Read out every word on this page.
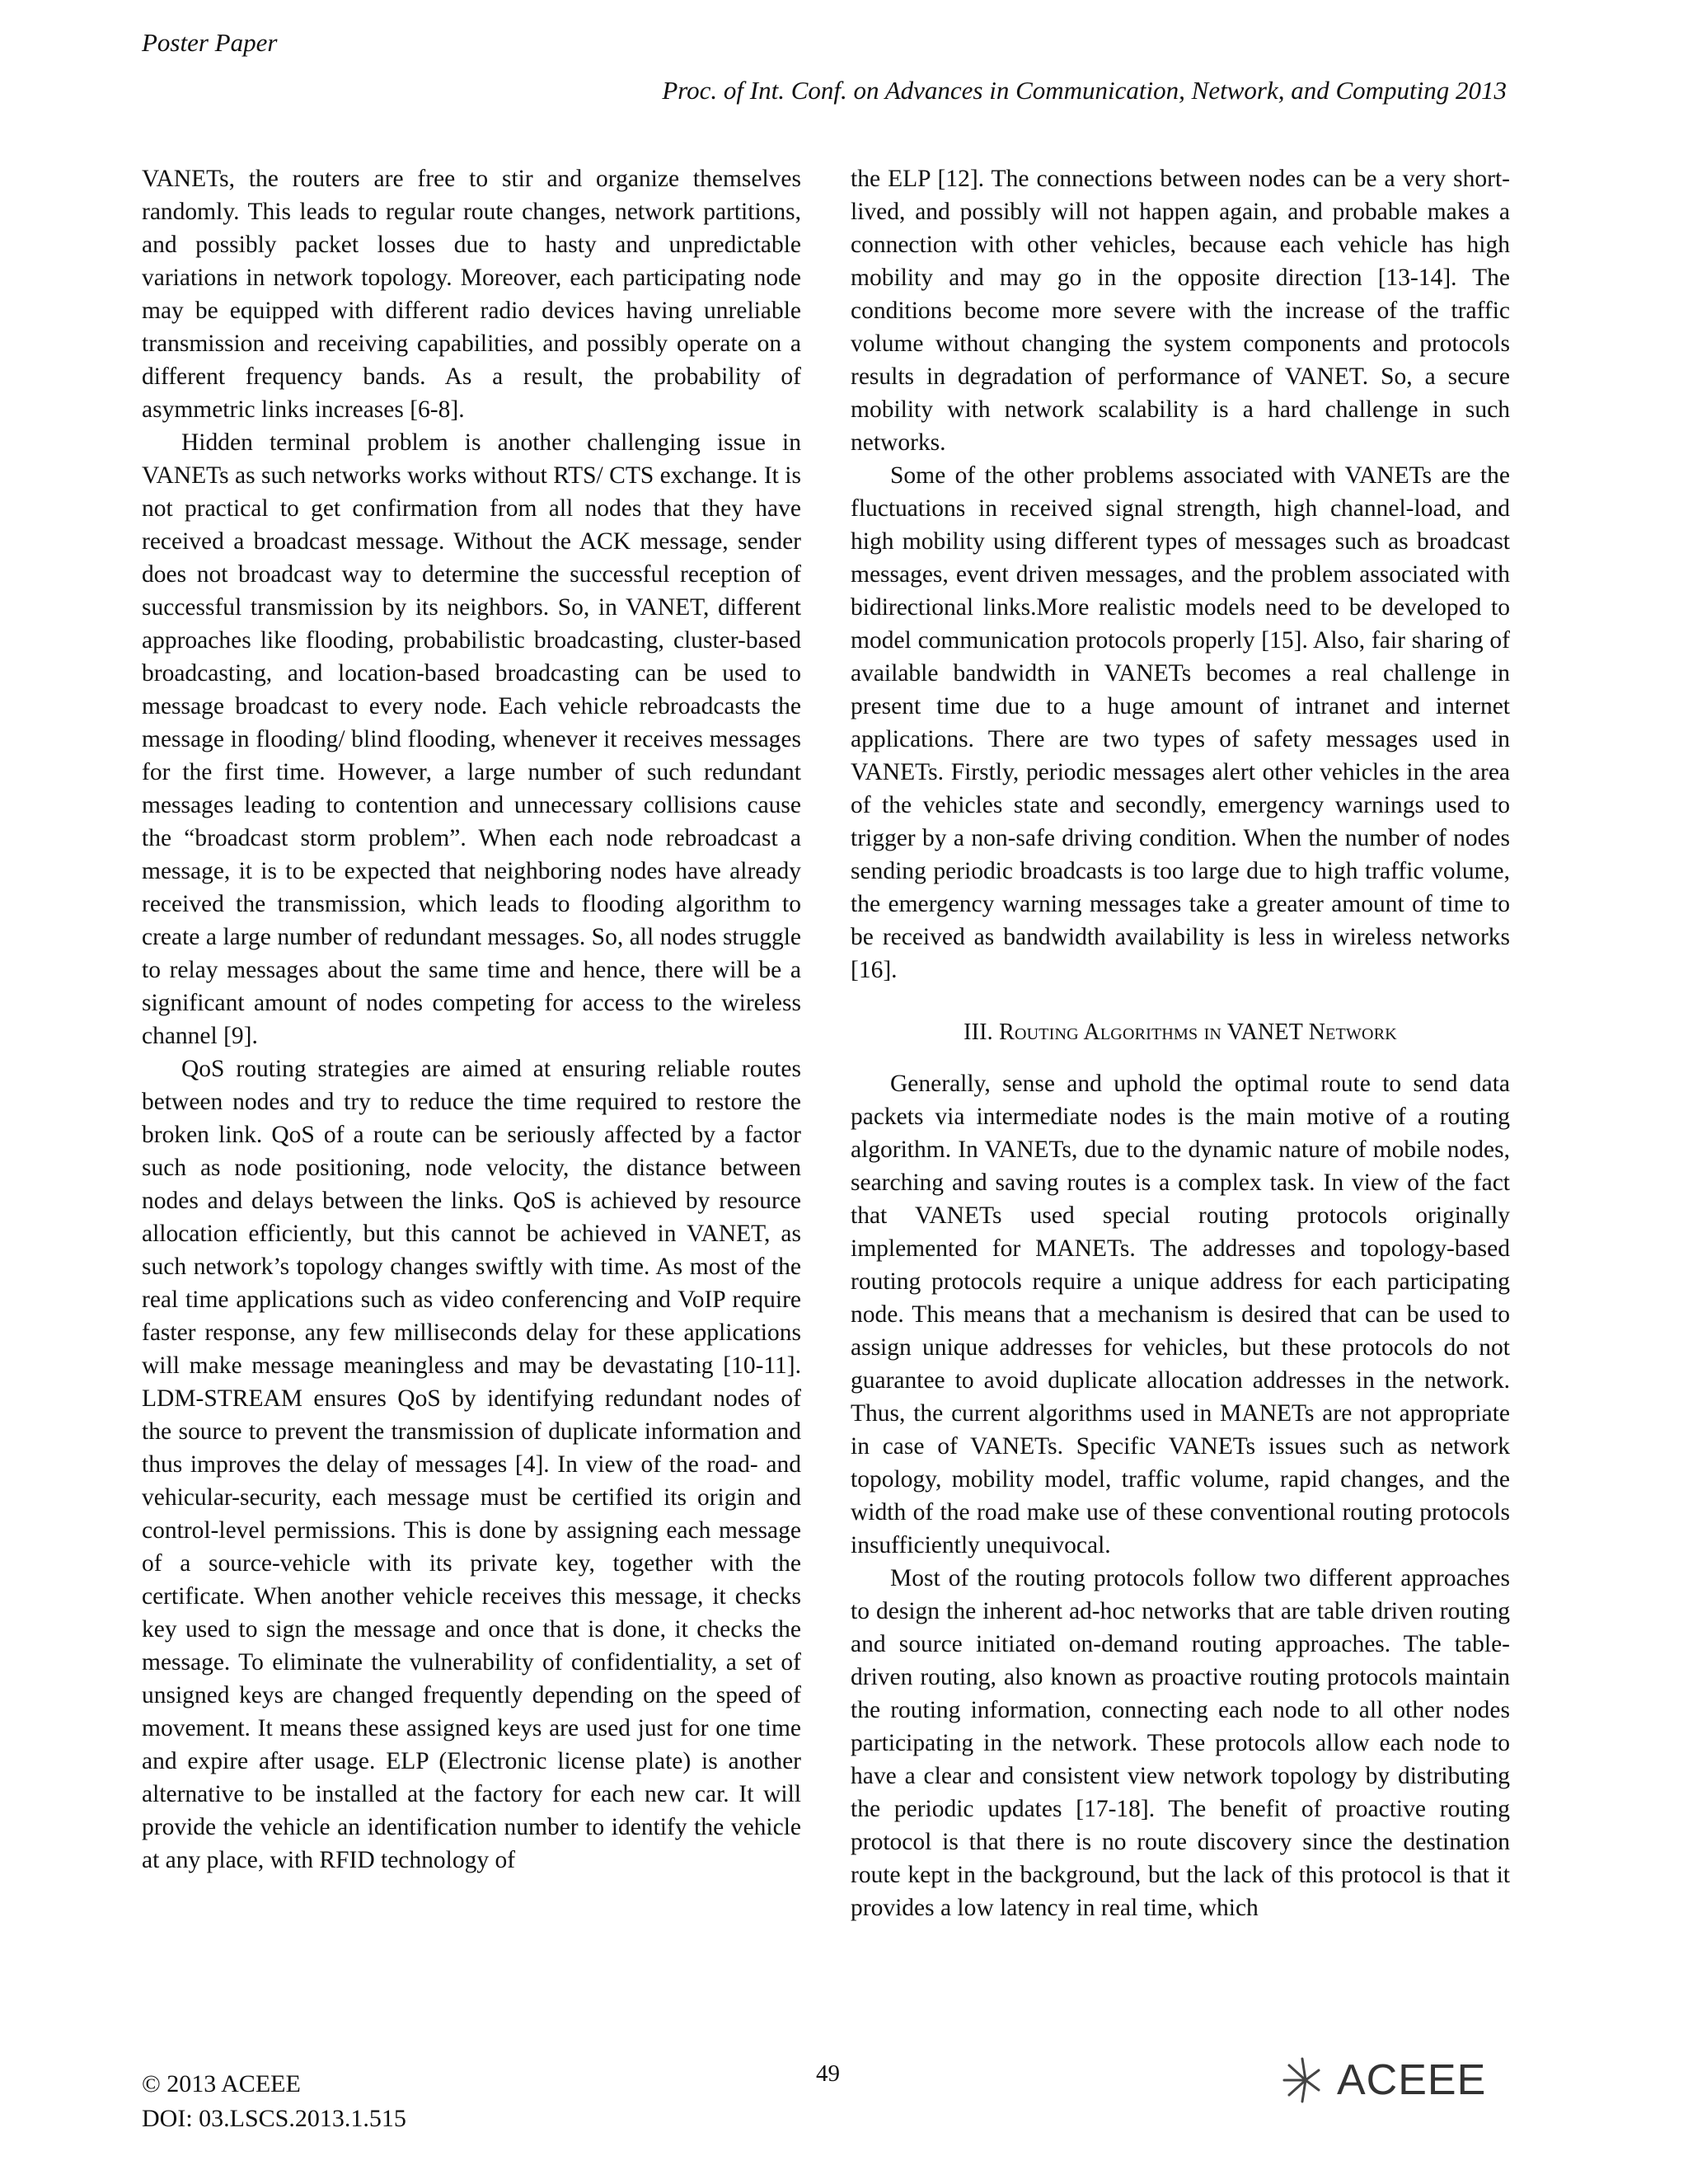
Poster Paper
Proc. of Int. Conf. on Advances in Communication, Network, and Computing 2013

VANETs, the routers are free to stir and organize themselves randomly. This leads to regular route changes, network partitions, and possibly packet losses due to hasty and unpredictable variations in network topology. Moreover, each participating node may be equipped with different radio devices having unreliable transmission and receiving capabilities, and possibly operate on a different frequency bands. As a result, the probability of asymmetric links increases [6-8].

Hidden terminal problem is another challenging issue in VANETs as such networks works without RTS/ CTS exchange. It is not practical to get confirmation from all nodes that they have received a broadcast message. Without the ACK message, sender does not broadcast way to determine the successful reception of successful transmission by its neighbors. So, in VANET, different approaches like flooding, probabilistic broadcasting, cluster-based broadcasting, and location-based broadcasting can be used to message broadcast to every node. Each vehicle rebroadcasts the message in flooding/ blind flooding, whenever it receives messages for the first time. However, a large number of such redundant messages leading to contention and unnecessary collisions cause the “broadcast storm problem”. When each node rebroadcast a message, it is to be expected that neighboring nodes have already received the transmission, which leads to flooding algorithm to create a large number of redundant messages. So, all nodes struggle to relay messages about the same time and hence, there will be a significant amount of nodes competing for access to the wireless channel [9].

QoS routing strategies are aimed at ensuring reliable routes between nodes and try to reduce the time required to restore the broken link. QoS of a route can be seriously affected by a factor such as node positioning, node velocity, the distance between nodes and delays between the links. QoS is achieved by resource allocation efficiently, but this cannot be achieved in VANET, as such network’s topology changes swiftly with time. As most of the real time applications such as video conferencing and VoIP require faster response, any few milliseconds delay for these applications will make message meaningless and may be devastating [10-11]. LDM-STREAM ensures QoS by identifying redundant nodes of the source to prevent the transmission of duplicate information and thus improves the delay of messages [4]. In view of the road- and vehicular-security, each message must be certified its origin and control-level permissions. This is done by assigning each message of a source-vehicle with its private key, together with the certificate. When another vehicle receives this message, it checks key used to sign the message and once that is done, it checks the message. To eliminate the vulnerability of confidentiality, a set of unsigned keys are changed frequently depending on the speed of movement. It means these assigned keys are used just for one time and expire after usage. ELP (Electronic license plate) is another alternative to be installed at the factory for each new car. It will provide the vehicle an identification number to identify the vehicle at any place, with RFID technology of

the ELP [12]. The connections between nodes can be a very short-lived, and possibly will not happen again, and probable makes a connection with other vehicles, because each vehicle has high mobility and may go in the opposite direction [13-14]. The conditions become more severe with the increase of the traffic volume without changing the system components and protocols results in degradation of performance of VANET. So, a secure mobility with network scalability is a hard challenge in such networks.

Some of the other problems associated with VANETs are the fluctuations in received signal strength, high channel-load, and high mobility using different types of messages such as broadcast messages, event driven messages, and the problem associated with bidirectional links.More realistic models need to be developed to model communication protocols properly [15]. Also, fair sharing of available bandwidth in VANETs becomes a real challenge in present time due to a huge amount of intranet and internet applications. There are two types of safety messages used in VANETs. Firstly, periodic messages alert other vehicles in the area of the vehicles state and secondly, emergency warnings used to trigger by a non-safe driving condition. When the number of nodes sending periodic broadcasts is too large due to high traffic volume, the emergency warning messages take a greater amount of time to be received as bandwidth availability is less in wireless networks [16].

III. Routing Algorithms in VANET Network

Generally, sense and uphold the optimal route to send data packets via intermediate nodes is the main motive of a routing algorithm. In VANETs, due to the dynamic nature of mobile nodes, searching and saving routes is a complex task. In view of the fact that VANETs used special routing protocols originally implemented for MANETs. The addresses and topology-based routing protocols require a unique address for each participating node. This means that a mechanism is desired that can be used to assign unique addresses for vehicles, but these protocols do not guarantee to avoid duplicate allocation addresses in the network. Thus, the current algorithms used in MANETs are not appropriate in case of VANETs. Specific VANETs issues such as network topology, mobility model, traffic volume, rapid changes, and the width of the road make use of these conventional routing protocols insufficiently unequivocal.

Most of the routing protocols follow two different approaches to design the inherent ad-hoc networks that are table driven routing and source initiated on-demand routing approaches. The table-driven routing, also known as proactive routing protocols maintain the routing information, connecting each node to all other nodes participating in the network. These protocols allow each node to have a clear and consistent view network topology by distributing the periodic updates [17-18]. The benefit of proactive routing protocol is that there is no route discovery since the destination route kept in the background, but the lack of this protocol is that it provides a low latency in real time, which

© 2013 ACEEE
DOI: 03.LSCS.2013.1.515
49	ACEEE
